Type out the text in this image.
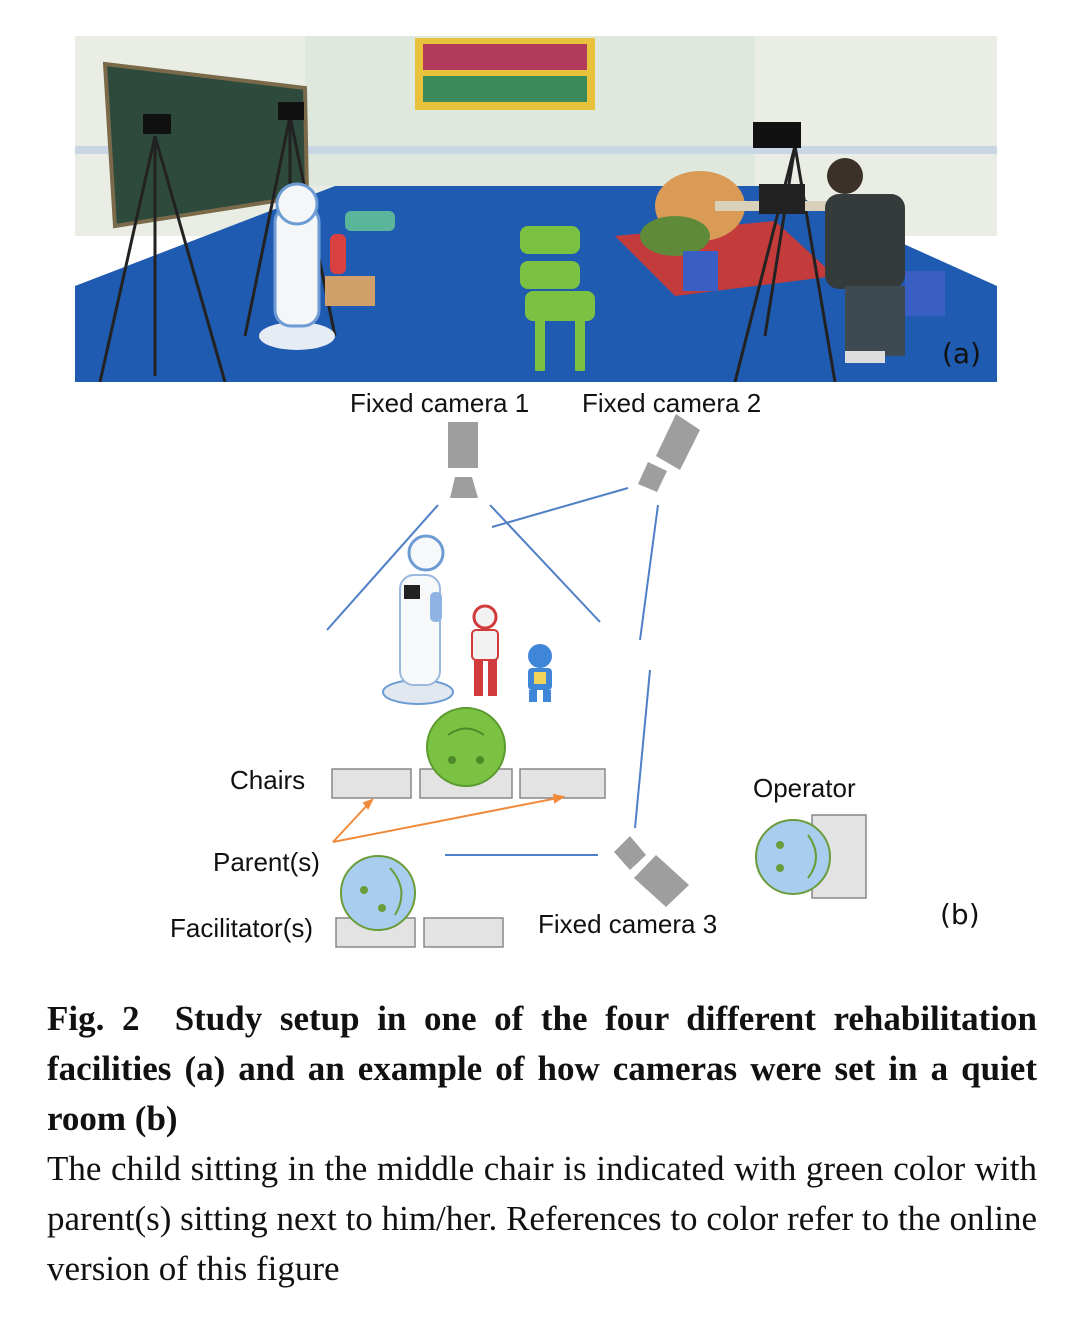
(a)
Fixed camera 1 Fixed camera 2
Fixed camera 3
Chairs
Parent(s)
Facilitator(s)
Operator
(b)

Fig. 2 Study setup in one of the four different rehabilitation facilities (a) and an example of how cameras were set in a quiet room (b)

The child sitting in the middle chair is indicated with green color with parent(s) sitting next to him/her. References to color refer to the online version of this figure
